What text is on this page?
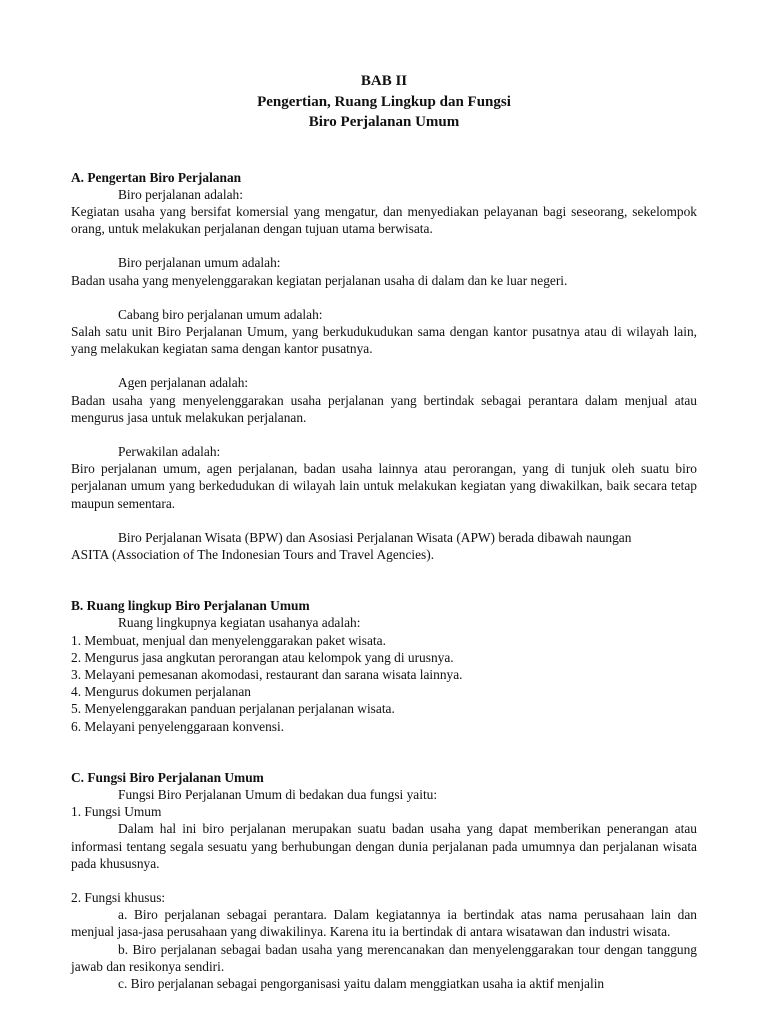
BAB II
Pengertian, Ruang Lingkup dan Fungsi
Biro Perjalanan Umum

A. Pengertan Biro Perjalanan

Biro perjalanan adalah:

Kegiatan usaha yang bersifat komersial yang mengatur, dan menyediakan pelayanan bagi seseorang, sekelompok orang, untuk melakukan perjalanan dengan tujuan utama berwisata.

Biro perjalanan umum adalah:

Badan usaha yang menyelenggarakan kegiatan perjalanan usaha di dalam dan ke luar negeri.

Cabang biro perjalanan umum adalah:

Salah satu unit Biro Perjalanan Umum, yang berkudukudukan sama dengan kantor pusatnya atau di wilayah lain, yang melakukan kegiatan sama dengan kantor pusatnya.

Agen perjalanan adalah:

Badan usaha yang menyelenggarakan usaha perjalanan yang bertindak sebagai perantara dalam menjual atau mengurus jasa untuk melakukan perjalanan.

Perwakilan adalah:

Biro perjalanan umum, agen perjalanan, badan usaha lainnya atau perorangan, yang di tunjuk oleh suatu biro perjalanan umum yang berkedudukan di wilayah lain untuk melakukan kegiatan yang diwakilkan, baik secara tetap maupun sementara.

Biro Perjalanan Wisata (BPW) dan Asosiasi Perjalanan Wisata (APW) berada dibawah naungan

ASITA (Association of The Indonesian Tours and Travel Agencies).

B. Ruang lingkup Biro Perjalanan Umum

Ruang lingkupnya kegiatan usahanya adalah:

1. Membuat, menjual dan menyelenggarakan paket wisata.

2. Mengurus jasa angkutan perorangan atau kelompok yang di urusnya.

3. Melayani pemesanan akomodasi, restaurant dan sarana wisata lainnya.

4. Mengurus dokumen perjalanan

5. Menyelenggarakan panduan perjalanan perjalanan wisata.

6. Melayani penyelenggaraan konvensi.

C. Fungsi Biro Perjalanan Umum

Fungsi Biro Perjalanan Umum di bedakan dua fungsi yaitu:

1. Fungsi Umum

Dalam hal ini biro perjalanan merupakan suatu badan usaha yang dapat memberikan penerangan atau informasi tentang segala sesuatu yang berhubungan dengan dunia perjalanan pada umumnya dan perjalanan wisata pada khususnya.

2. Fungsi khusus:

a. Biro perjalanan sebagai perantara. Dalam kegiatannya ia bertindak atas nama perusahaan lain dan menjual jasa-jasa perusahaan yang diwakilinya. Karena itu ia bertindak di antara wisatawan dan industri wisata.

b. Biro perjalanan sebagai badan usaha yang merencanakan dan menyelenggarakan tour dengan tanggung jawab dan resikonya sendiri.

c. Biro perjalanan sebagai pengorganisasi yaitu dalam menggiatkan usaha ia aktif menjalin
